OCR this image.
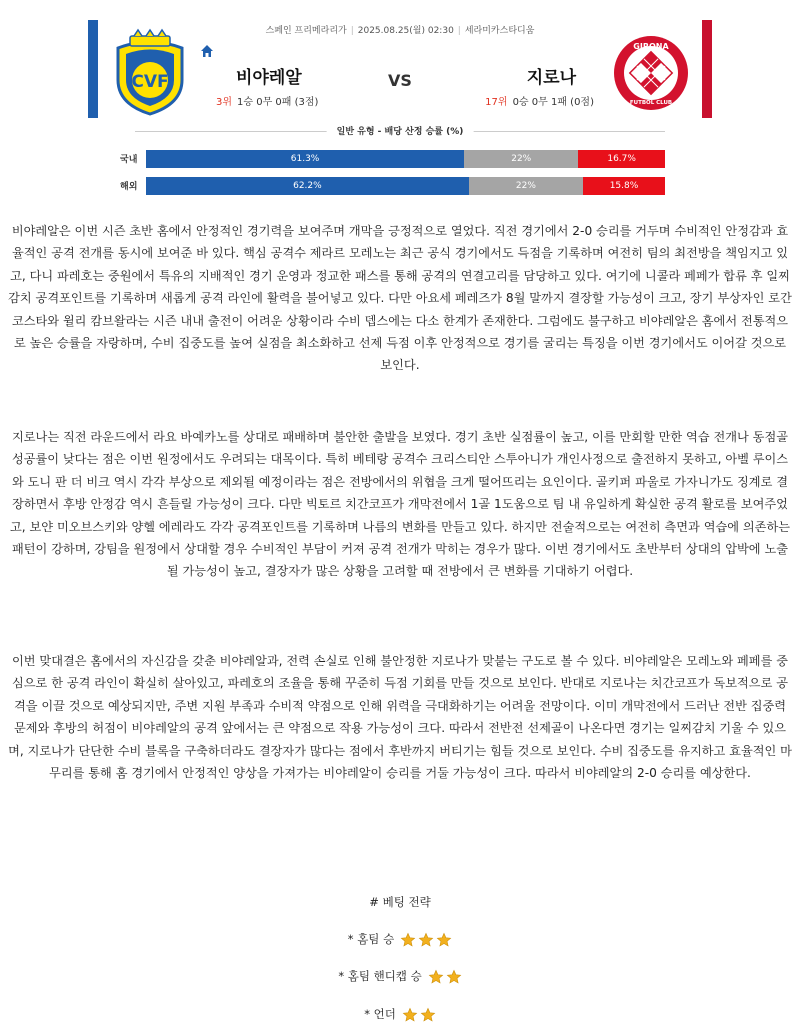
스페인 프리메라리가 | 2025.08.25(월) 02:30 | 세라미카스타디움
CVF	비야레알	VS	지로나
3위 1승 0무 0패 (3점)	17위 0승 0무 1패 (0점)
GIRONA
GIRONA
FUTBOL CLUB
일반 유형 - 배당 산정 승률 (%)
국내	61.3%	22%	16.7%
해외	62.2%	22%	15.8%

비야레알은 이번 시즌 초반 홈에서 안정적인 경기력을 보여주며 개막을 긍정적으로 열었다. 직전 경기에서 2-0 승리를 거두며 수비적인 안정감과 효율적인 공격 전개를 동시에 보여준 바 있다. 핵심 공격수 제라르 모레노는 최근 공식 경기에서도 득점을 기록하며 여전히 팀의 최전방을 책임지고 있고, 다니 파레호는 중원에서 특유의 지배적인 경기 운영과 정교한 패스를 통해 공격의 연결고리를 담당하고 있다. 여기에 니콜라 페페가 합류 후 일찌감치 공격포인트를 기록하며 새롭게 공격 라인에 활력을 불어넣고 있다. 다만 아요세 페레즈가 8월 말까지 결장할 가능성이 크고, 장기 부상자인 로간 코스타와 윌리 캄브왈라는 시즌 내내 출전이 어려운 상황이라 수비 뎁스에는 다소 한계가 존재한다. 그럼에도 불구하고 비야레알은 홈에서 전통적으로 높은 승률을 자랑하며, 수비 집중도를 높여 실점을 최소화하고 선제 득점 이후 안정적으로 경기를 굴리는 특징을 이번 경기에서도 이어갈 것으로 보인다.

지로나는 직전 라운드에서 라요 바예카노를 상대로 패배하며 불안한 출발을 보였다. 경기 초반 실점률이 높고, 이를 만회할 만한 역습 전개나 동점골 성공률이 낮다는 점은 이번 원정에서도 우려되는 대목이다. 특히 베테랑 공격수 크리스티안 스투아니가 개인사정으로 출전하지 못하고, 아벨 루이스와 도니 판 더 비크 역시 각각 부상으로 제외될 예정이라는 점은 전방에서의 위협을 크게 떨어뜨리는 요인이다. 골키퍼 파울로 가자니가도 징계로 결장하면서 후방 안정감 역시 흔들릴 가능성이 크다. 다만 빅토르 치간코프가 개막전에서 1골 1도움으로 팀 내 유일하게 확실한 공격 활로를 보여주었고, 보얀 미오브스키와 양헬 에레라도 각각 공격포인트를 기록하며 나름의 변화를 만들고 있다. 하지만 전술적으로는 여전히 측면과 역습에 의존하는 패턴이 강하며, 강팀을 원정에서 상대할 경우 수비적인 부담이 커져 공격 전개가 막히는 경우가 많다. 이번 경기에서도 초반부터 상대의 압박에 노출될 가능성이 높고, 결장자가 많은 상황을 고려할 때 전방에서 큰 변화를 기대하기 어렵다.

이번 맞대결은 홈에서의 자신감을 갖춘 비야레알과, 전력 손실로 인해 불안정한 지로나가 맞붙는 구도로 볼 수 있다. 비야레알은 모레노와 페페를 중심으로 한 공격 라인이 확실히 살아있고, 파레호의 조율을 통해 꾸준히 득점 기회를 만들 것으로 보인다. 반대로 지로나는 치간코프가 독보적으로 공격을 이끌 것으로 예상되지만, 주변 지원 부족과 수비적 약점으로 인해 위력을 극대화하기는 어려울 전망이다. 이미 개막전에서 드러난 전반 집중력 문제와 후방의 허점이 비야레알의 공격 앞에서는 큰 약점으로 작용 가능성이 크다. 따라서 전반전 선제골이 나온다면 경기는 일찌감치 기울 수 있으며, 지로나가 단단한 수비 블록을 구축하더라도 결장자가 많다는 점에서 후반까지 버티기는 힘들 것으로 보인다. 수비 집중도를 유지하고 효율적인 마무리를 통해 홈 경기에서 안정적인 양상을 가져가는 비야레알이 승리를 거둘 가능성이 크다. 따라서 비야레알의 2-0 승리를 예상한다.

# 베팅 전략
* 홈팀 승
* 홈팀 핸디캡 승
* 언더
